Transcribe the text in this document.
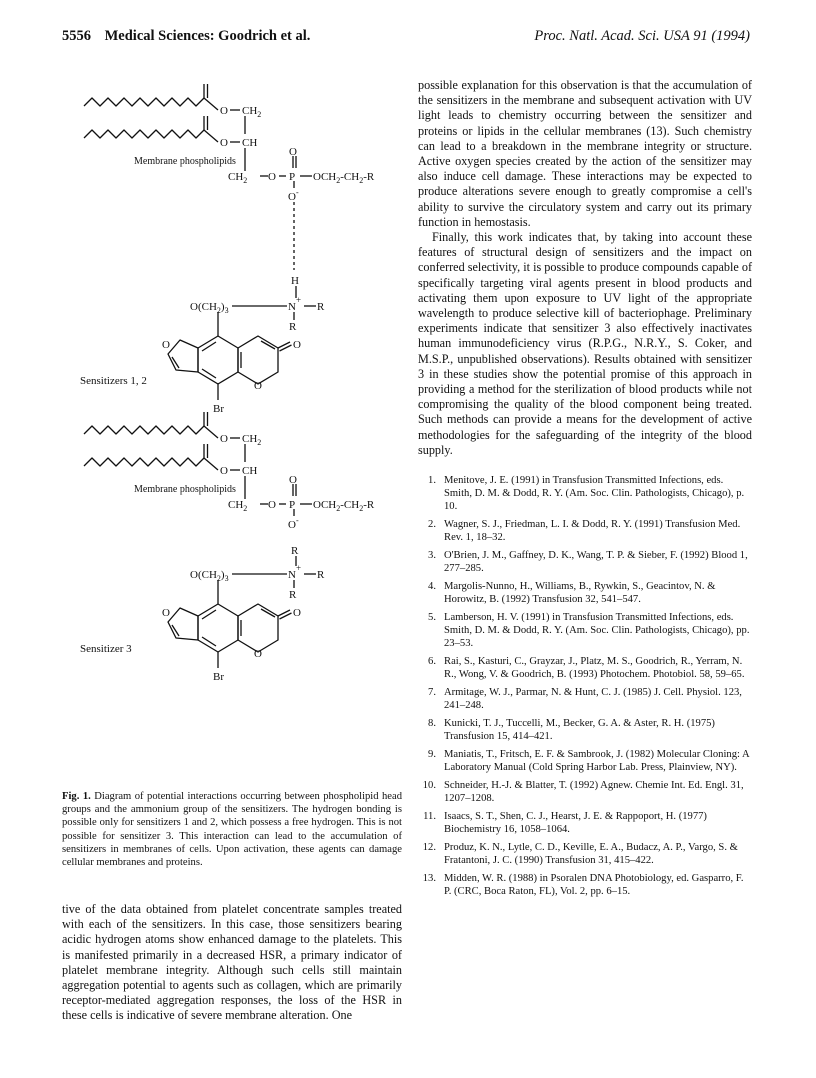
5556 Medical Sciences: Goodrich et al.	Proc. Natl. Acad. Sci. USA 91 (1994)
O $CH_2$
O CH
$CH_2$ O P
O
O-
$OCH_2-CH_2-R$
H
N+
R
R
$O(CH_2)_3$
O
O
O
Br
Membrane phospholipids
Sensitizers 1, 2
O $CH_2$
O CH
$CH_2$ O P
O
O-
$OCH_2-CH_2-R$
R
N+
R
R
$O(CH_2)_3$
O
O
O
Br
Membrane phospholipids
Sensitizer 3
Fig. 1. Diagram of potential interactions occurring between phospholipid head groups and the ammonium group of the sensitizers. The hydrogen bonding is possible only for sensitizers 1 and 2, which possess a free hydrogen. This is not possible for sensitizer 3. This interaction can lead to the accumulation of sensitizers in membranes of cells. Upon activation, these agents can damage cellular membranes and proteins.
tive of the data obtained from platelet concentrate samples treated with each of the sensitizers. In this case, those sensitizers bearing acidic hydrogen atoms show enhanced damage to the platelets. This is manifested primarily in a decreased HSR, a primary indicator of platelet membrane integrity. Although such cells still maintain aggregation potential to agents such as collagen, which are primarily receptor-mediated aggregation responses, the loss of the HSR in these cells is indicative of severe membrane alteration. One

possible explanation for this observation is that the accumulation of the sensitizers in the membrane and subsequent activation with UV light leads to chemistry occurring between the sensitizer and proteins or lipids in the cellular membranes (13). Such chemistry can lead to a breakdown in the membrane integrity or structure. Active oxygen species created by the action of the sensitizer may also induce cell damage. These interactions may be expected to produce alterations severe enough to greatly compromise a cell's ability to survive the circulatory system and carry out its primary function in hemostasis.

Finally, this work indicates that, by taking into account these features of structural design of sensitizers and the impact on conferred selectivity, it is possible to produce compounds capable of specifically targeting viral agents present in blood products and activating them upon exposure to UV light of the appropriate wavelength to produce selective kill of bacteriophage. Preliminary experiments indicate that sensitizer 3 also effectively inactivates human immunodeficiency virus (R.P.G., N.R.Y., S. Coker, and M.S.P., unpublished observations). Results obtained with sensitizer 3 in these studies show the potential promise of this approach in providing a method for the sterilization of blood products while not compromising the quality of the blood component being treated. Such methods can provide a means for the development of active methodologies for the safeguarding of the integrity of the blood supply.

1. Menitove, J. E. (1991) in Transfusion Transmitted Infections, eds. Smith, D. M. & Dodd, R. Y. (Am. Soc. Clin. Pathologists, Chicago), p. 10.
2. Wagner, S. J., Friedman, L. I. & Dodd, R. Y. (1991) Transfusion Med. Rev. 1, 18–32.
3. O'Brien, J. M., Gaffney, D. K., Wang, T. P. & Sieber, F. (1992) Blood 1, 277–285.
4. Margolis-Nunno, H., Williams, B., Rywkin, S., Geacintov, N. & Horowitz, B. (1992) Transfusion 32, 541–547.
5. Lamberson, H. V. (1991) in Transfusion Transmitted Infections, eds. Smith, D. M. & Dodd, R. Y. (Am. Soc. Clin. Pathologists, Chicago), pp. 23–53.
6. Rai, S., Kasturi, C., Grayzar, J., Platz, M. S., Goodrich, R., Yerram, N. R., Wong, V. & Goodrich, B. (1993) Photochem. Photobiol. 58, 59–65.
7. Armitage, W. J., Parmar, N. & Hunt, C. J. (1985) J. Cell. Physiol. 123, 241–248.
8. Kunicki, T. J., Tuccelli, M., Becker, G. A. & Aster, R. H. (1975) Transfusion 15, 414–421.
9. Maniatis, T., Fritsch, E. F. & Sambrook, J. (1982) Molecular Cloning: A Laboratory Manual (Cold Spring Harbor Lab. Press, Plainview, NY).
10. Schneider, H.-J. & Blatter, T. (1992) Agnew. Chemie Int. Ed. Engl. 31, 1207–1208.
11. Isaacs, S. T., Shen, C. J., Hearst, J. E. & Rappoport, H. (1977) Biochemistry 16, 1058–1064.
12. Produz, K. N., Lytle, C. D., Keville, E. A., Budacz, A. P., Vargo, S. & Fratantoni, J. C. (1990) Transfusion 31, 415–422.
13. Midden, W. R. (1988) in Psoralen DNA Photobiology, ed. Gasparro, F. P. (CRC, Boca Raton, FL), Vol. 2, pp. 6–15.
